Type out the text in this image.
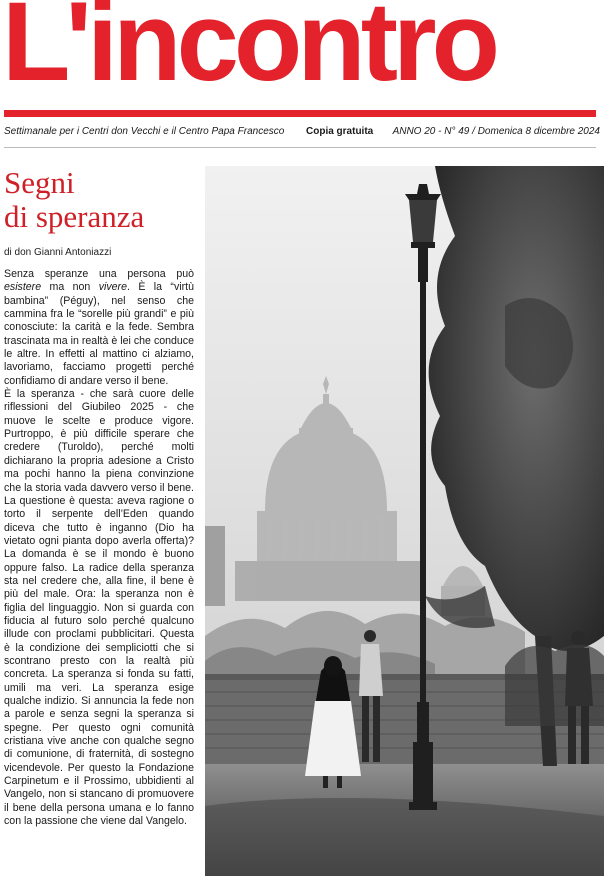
L'incontro
Settimanale per i Centri don Vecchi e il Centro Papa Francesco Copia gratuita ANNO 20 - N° 49 / Domenica 8 dicembre 2024
Segni
di speranza
di don Gianni Antoniazzi

Senza speranze una persona può esistere ma non vivere. È la “virtù bambina” (Péguy), nel senso che cammina fra le “sorelle più grandi” e più conosciute: la carità e la fede. Sembra trascinata ma in realtà è lei che conduce le altre. In effetti al mattino ci alziamo, lavoriamo, facciamo progetti perché confidiamo di andare verso il bene.

È la speranza - che sarà cuore delle riflessioni del Giubileo 2025 - che muove le scelte e produce vigore. Purtroppo, è più difficile sperare che credere (Turoldo), perché molti dichiarano la propria adesione a Cristo ma pochi hanno la piena convinzione che la storia vada davvero verso il bene. La questione è questa: aveva ragione o torto il serpente dell’Eden quando diceva che tutto è inganno (Dio ha vietato ogni pianta dopo averla offerta)? La domanda è se il mondo è buono oppure falso. La radice della speranza sta nel credere che, alla fine, il bene è più del male. Ora: la speranza non è figlia del linguaggio. Non si guarda con fiducia al futuro solo perché qualcuno illude con proclami pubblicitari. Questa è la condizione dei sempliciotti che si scontrano presto con la realtà più concreta. La speranza si fonda su fatti, umili ma veri. La speranza esige qualche indizio. Si annuncia la fede non a parole e senza segni la speranza si spegne. Per questo ogni comunità cristiana vive anche con qualche segno di comunione, di fraternità, di sostegno vicendevole. Per questo la Fondazione Carpinetum e il Prossimo, ubbidienti al Vangelo, non si stancano di promuovere il bene della persona umana e lo fanno con la passione che viene dal Vangelo.
